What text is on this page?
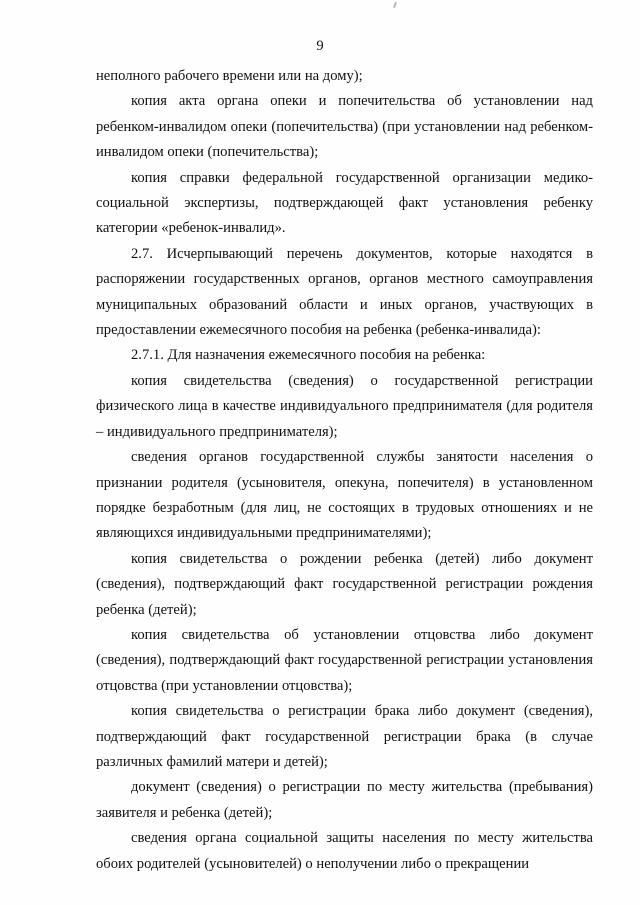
9

неполного рабочего времени или на дому);

копия акта органа опеки и попечительства об установлении над ребенком-инвалидом опеки (попечительства) (при установлении над ребенком-инвалидом опеки (попечительства);

копия справки федеральной государственной организации медико-социальной экспертизы, подтверждающей факт установления ребенку категории «ребенок-инвалид».

2.7. Исчерпывающий перечень документов, которые находятся в распоряжении государственных органов, органов местного самоуправления муниципальных образований области и иных органов, участвующих в предоставлении ежемесячного пособия на ребенка (ребенка-инвалида):

2.7.1. Для назначения ежемесячного пособия на ребенка:

копия свидетельства (сведения) о государственной регистрации физического лица в качестве индивидуального предпринимателя (для родителя – индивидуального предпринимателя);

сведения органов государственной службы занятости населения о признании родителя (усыновителя, опекуна, попечителя) в установленном порядке безработным (для лиц, не состоящих в трудовых отношениях и не являющихся индивидуальными предпринимателями);

копия свидетельства о рождении ребенка (детей) либо документ (сведения), подтверждающий факт государственной регистрации рождения ребенка (детей);

копия свидетельства об установлении отцовства либо документ (сведения), подтверждающий факт государственной регистрации установления отцовства (при установлении отцовства);

копия свидетельства о регистрации брака либо документ (сведения), подтверждающий факт государственной регистрации брака (в случае различных фамилий матери и детей);

документ (сведения) о регистрации по месту жительства (пребывания) заявителя и ребенка (детей);

сведения органа социальной защиты населения по месту жительства обоих родителей (усыновителей) о неполучении либо о прекращении
